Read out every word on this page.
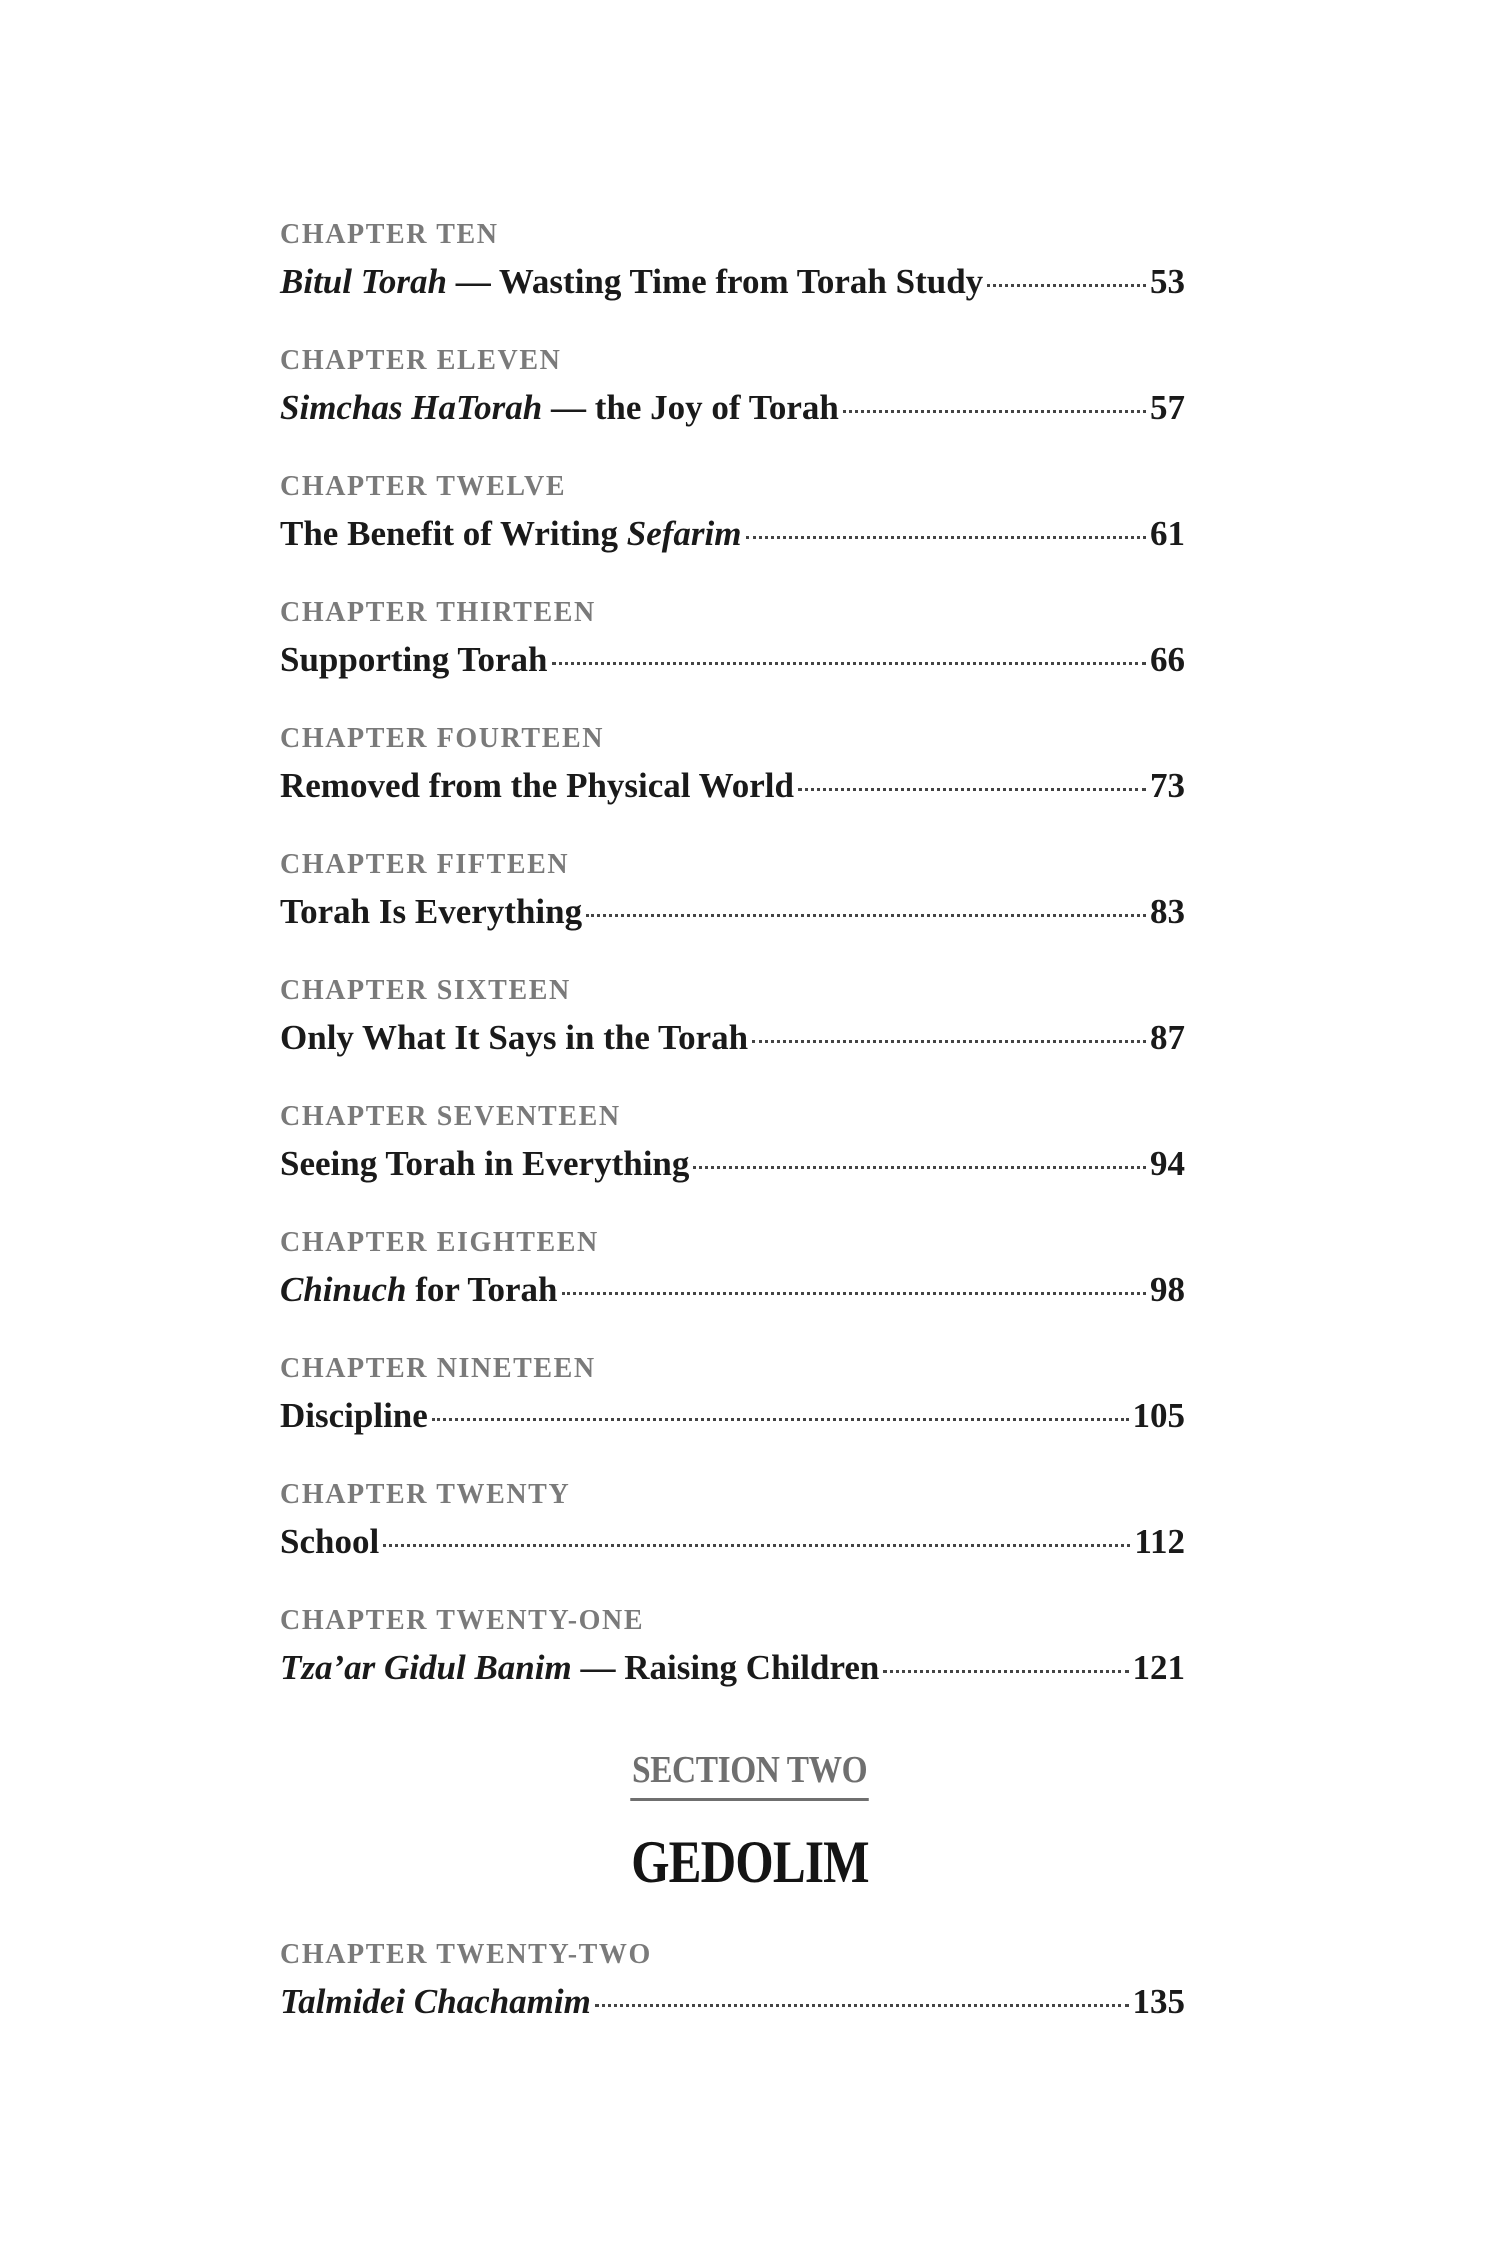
CHAPTER TEN
Bitul Torah — Wasting Time from Torah Study	53
CHAPTER ELEVEN
Simchas HaTorah — the Joy of Torah	57
CHAPTER TWELVE
The Benefit of Writing Sefarim	61
CHAPTER THIRTEEN
Supporting Torah	66
CHAPTER FOURTEEN
Removed from the Physical World	73
CHAPTER FIFTEEN
Torah Is Everything	83
CHAPTER SIXTEEN
Only What It Says in the Torah	87
CHAPTER SEVENTEEN
Seeing Torah in Everything	94
CHAPTER EIGHTEEN
Chinuch for Torah	98
CHAPTER NINETEEN
Discipline	105
CHAPTER TWENTY
School	112
CHAPTER TWENTY-ONE
Tza’ar Gidul Banim — Raising Children	121
CHAPTER TWENTY-TWO
Talmidei Chachamim	135
SECTION TWO
GEDOLIM
